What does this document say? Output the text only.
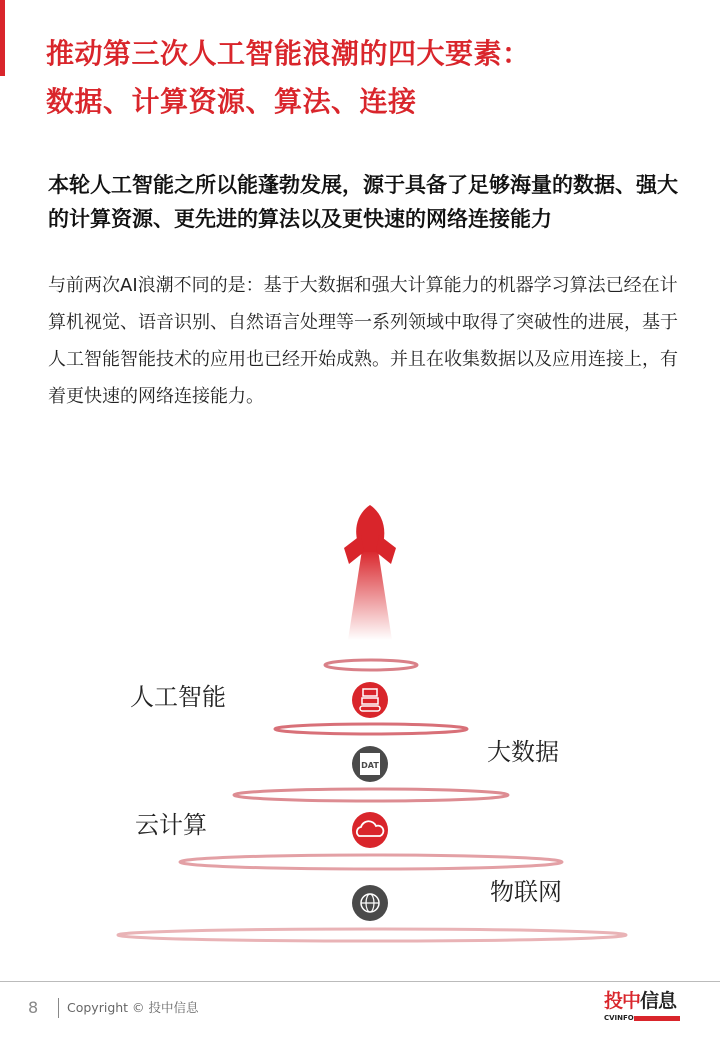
推动第三次人工智能浪潮的四大要素：
数据、计算资源、算法、连接
本轮人工智能之所以能蓬勃发展，源于具备了足够海量的数据、强大的计算资源、更先进的算法以及更快速的网络连接能力
与前两次AI浪潮不同的是：基于大数据和强大计算能力的机器学习算法已经在计算机视觉、语音识别、自然语言处理等一系列领域中取得了突破性的进展，基于人工智能智能技术的应用也已经开始成熟。并且在收集数据以及应用连接上，有着更快速的网络连接能力。
DAT
人工智能
大数据
云计算
物联网
8 Copyright © 投中信息	投中信息
CVINFO
